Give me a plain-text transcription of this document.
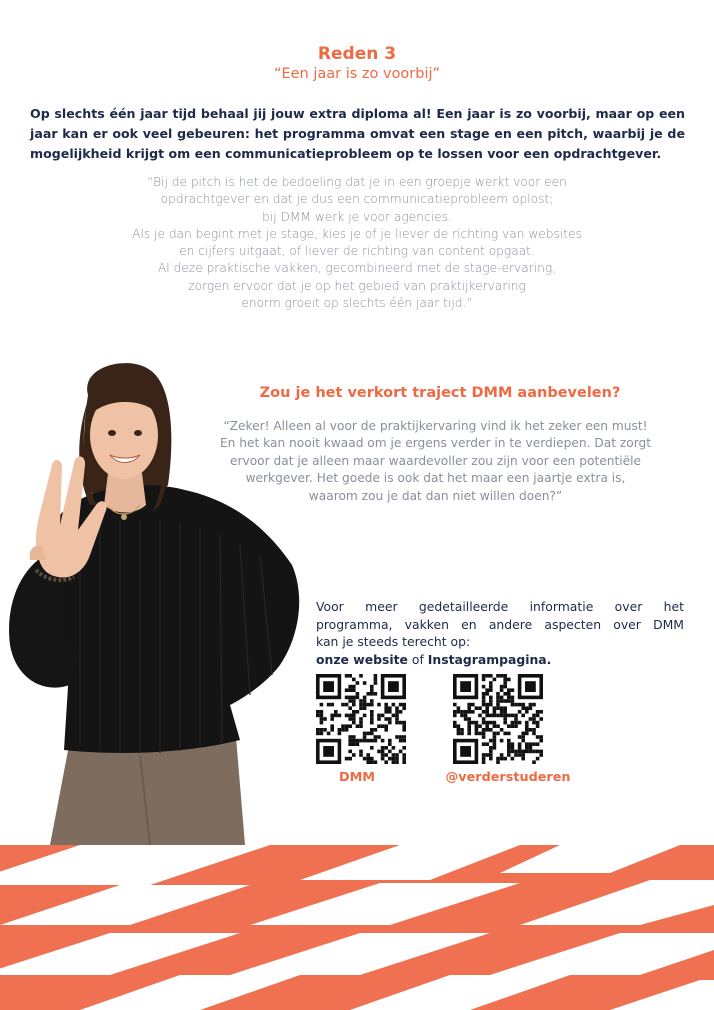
Reden 3
“Een jaar is zo voorbij”
Op slechts één jaar tijd behaal jij jouw extra diploma al! Een jaar is zo voorbij, maar op een jaar kan er ook veel gebeuren: het programma omvat een stage en een pitch, waarbij je de mogelijkheid krijgt om een communicatieprobleem op te lossen voor een opdrachtgever.
“Bij de pitch is het de bedoeling dat je in een groepje werkt voor een
opdrachtgever en dat je dus een communicatieprobleem oplost;
bij DMM werk je voor agencies.
Als je dan begint met je stage, kies je of je liever de richting van websites
en cijfers uitgaat, of liever de richting van content opgaat.
Al deze praktische vakken, gecombineerd met de stage-ervaring,
zorgen ervoor dat je op het gebied van praktijkervaring
enorm groeit op slechts één jaar tijd.”
Zou je het verkort traject DMM aanbevelen?
“Zeker! Alleen al voor de praktijkervaring vind ik het zeker een must!
En het kan nooit kwaad om je ergens verder in te verdiepen. Dat zorgt
ervoor dat je alleen maar waardevoller zou zijn voor een potentiële
werkgever. Het goede is ook dat het maar een jaartje extra is,
waarom zou je dat dan niet willen doen?”
Voor meer gedetailleerde informatie over het
programma, vakken en andere aspecten over DMM
kan je steeds terecht op:
onze website of Instagrampagina.
DMM	@verderstuderen
